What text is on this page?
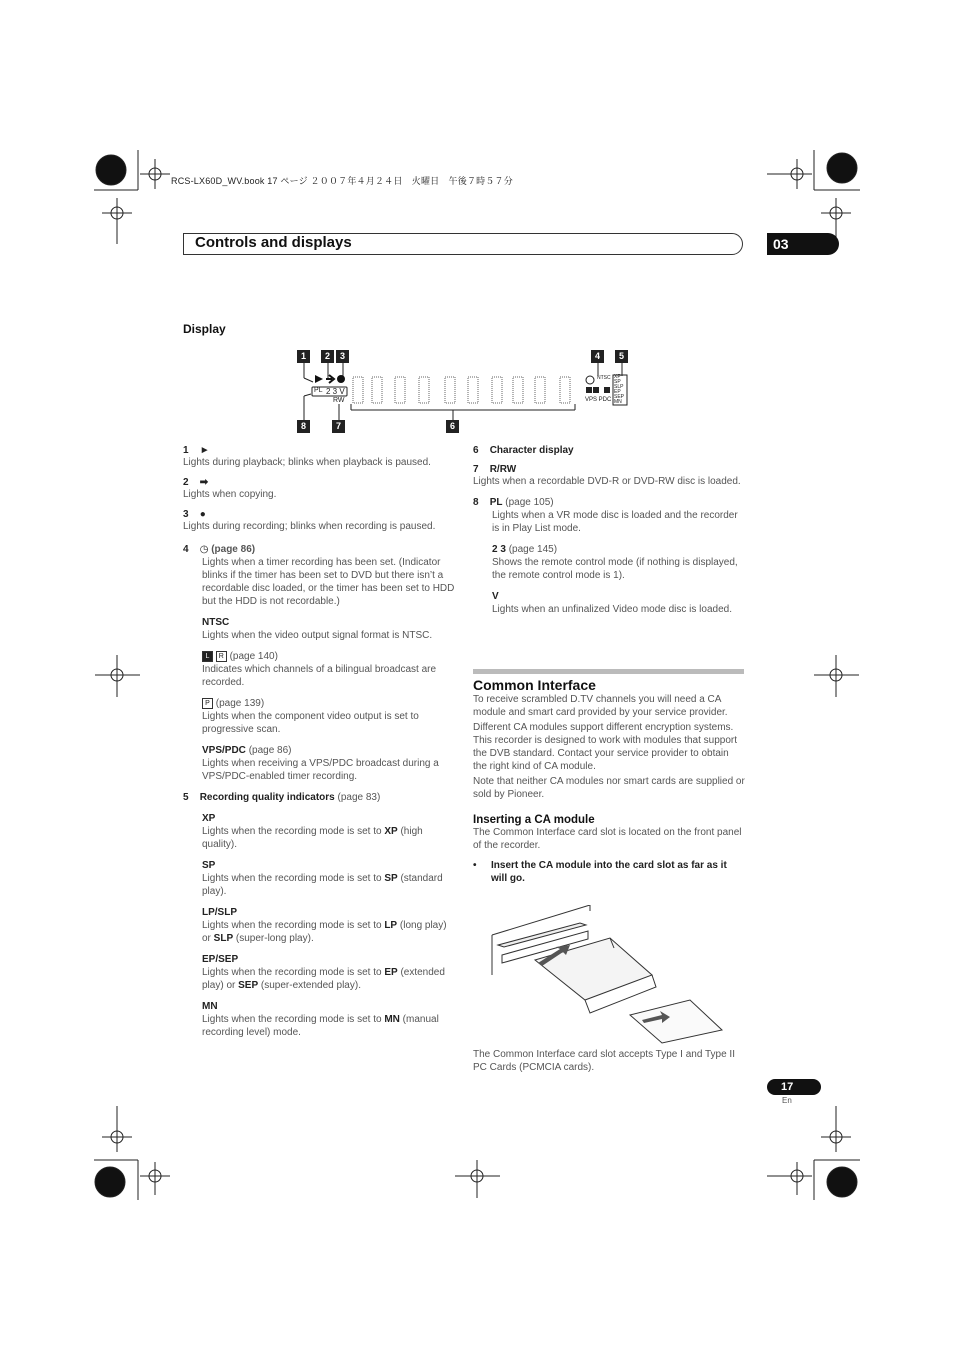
RCS-LX60D_WV.book 17 ページ ２００７年４月２４日　火曜日　午後７時５７分
Controls and displays	03
Display
1	2	3	4	5
8	7	6
PL 2 3 V
RW
NTSC
VPS PDC
XP
SP
SLP
EP
SEP
MN
1 ►
Lights during playback; blinks when playback is paused.
2 ➡
Lights when copying.
3 ●
Lights during recording; blinks when recording is paused.
4 ◷ (page 86)
Lights when a timer recording has been set. (Indicator blinks if the timer has been set to DVD but there isn’t a recordable disc loaded, or the timer has been set to HDD but the HDD is not recordable.)
NTSC
Lights when the video output signal format is NTSC.
L R (page 140)
Indicates which channels of a bilingual broadcast are recorded.
P (page 139)
Lights when the component video output is set to progressive scan.
VPS/PDC (page 86)
Lights when receiving a VPS/PDC broadcast during a VPS/PDC-enabled timer recording.
5 Recording quality indicators (page 83)
XP
Lights when the recording mode is set to XP (high quality).
SP
Lights when the recording mode is set to SP (standard play).
LP/SLP
Lights when the recording mode is set to LP (long play) or SLP (super-long play).
EP/SEP
Lights when the recording mode is set to EP (extended play) or SEP (super-extended play).
MN
Lights when the recording mode is set to MN (manual recording level) mode.
6 Character display
7 R/RW
Lights when a recordable DVD-R or DVD-RW disc is loaded.
8 PL (page 105)
Lights when a VR mode disc is loaded and the recorder is in Play List mode.
2 3 (page 145)
Shows the remote control mode (if nothing is displayed, the remote control mode is 1).
V
Lights when an unfinalized Video mode disc is loaded.
Common Interface
To receive scrambled D.TV channels you will need a CA module and smart card provided by your service provider.
Different CA modules support different encryption systems. This recorder is designed to work with modules that support the DVB standard. Contact your service provider to obtain the right kind of CA module.
Note that neither CA modules nor smart cards are supplied or sold by Pioneer.
Inserting a CA module
The Common Interface card slot is located on the front panel of the recorder.
•	Insert the CA module into the card slot as far as it will go.
The Common Interface card slot accepts Type I and Type II PC Cards (PCMCIA cards).
17
En
